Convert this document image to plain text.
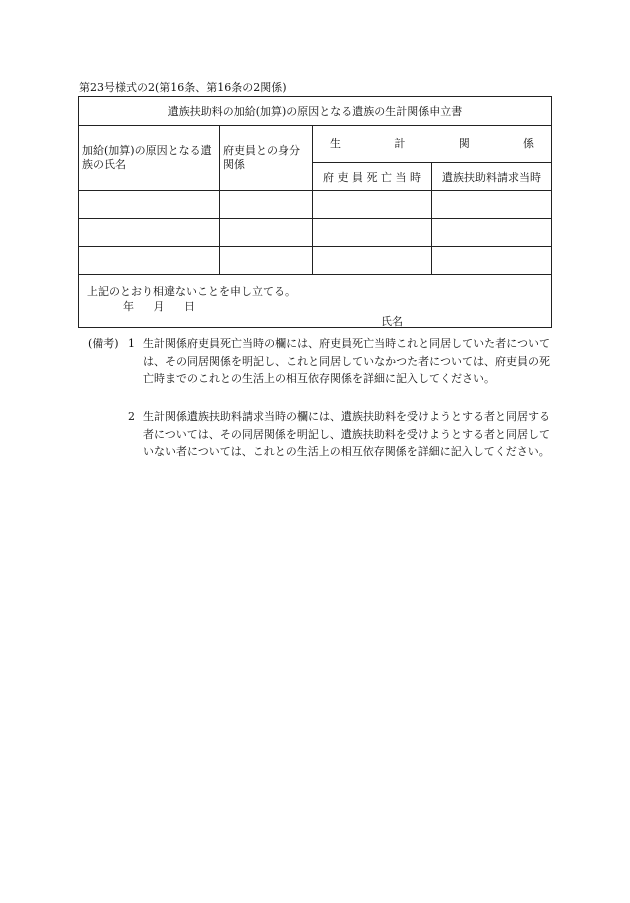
第23号様式の2(第16条、第16条の2関係)
遺族扶助料の加給(加算)の原因となる遺族の生計関係申立書			
加給(加算)の原因となる遺族の氏名	府吏員との身分関係	生 計 関 係	

		府 吏 員 死 亡 当 時	遺族扶助料請求当時

上記のとおり相違ないことを申し立てる。
年 月 日
氏名			
(備考) 1 生計関係府吏員死亡当時の欄には、府吏員死亡当時これと同居していた者については、その同居関係を明記し、これと同居していなかつた者については、府吏員の死亡時までのこれとの生活上の相互依存関係を詳細に記入してください。
2 生計関係遺族扶助料請求当時の欄には、遺族扶助料を受けようとする者と同居する者については、その同居関係を明記し、遺族扶助料を受けようとする者と同居していない者については、これとの生活上の相互依存関係を詳細に記入してください。
